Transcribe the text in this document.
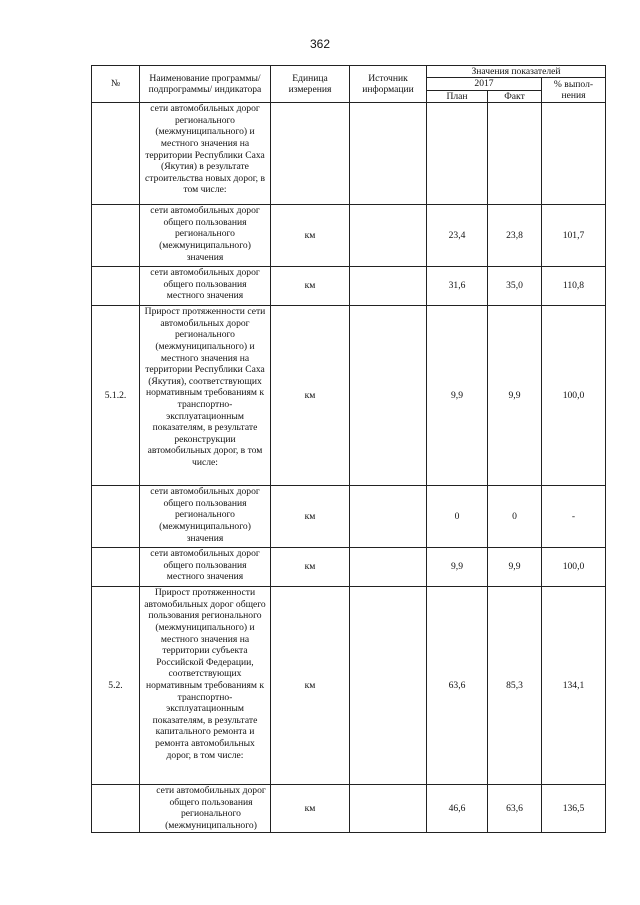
362
№	Наименование программы/ подпрограммы/ индикатора	Единица измерения	Источник информации	Значения показателей		
				2017		% выпол-нения
				План	Факт	
	сети автомобильных дорог регионального (межмуниципального) и местного значения на территории Республики Саха (Якутия) в результате строительства новых дорог, в том числе:					
	сети автомобильных дорог общего пользования регионального (межмуниципального) значения	км		23,4	23,8	101,7
	сети автомобильных дорог общего пользования местного значения	км		31,6	35,0	110,8
5.1.2.	Прирост протяженности сети автомобильных дорог регионального (межмуниципального) и местного значения на территории Республики Саха (Якутия), соответствующих нормативным требованиям к транспортно-эксплуатационным показателям, в результате реконструкции автомобильных дорог, в том числе:	км		9,9	9,9	100,0
	сети автомобильных дорог общего пользования регионального (межмуниципального) значения	км		0	0	-
	сети автомобильных дорог общего пользования местного значения	км		9,9	9,9	100,0
5.2.	Прирост протяженности автомобильных дорог общего пользования регионального (межмуниципального) и местного значения на территории субъекта Российской Федерации, соответствующих нормативным требованиям к транспортно-эксплуатационным показателям, в результате капитального ремонта и ремонта автомобильных дорог, в том числе:	км		63,6	85,3	134,1
	сети автомобильных дорог общего пользования регионального (межмуниципального)	км		46,6	63,6	136,5
